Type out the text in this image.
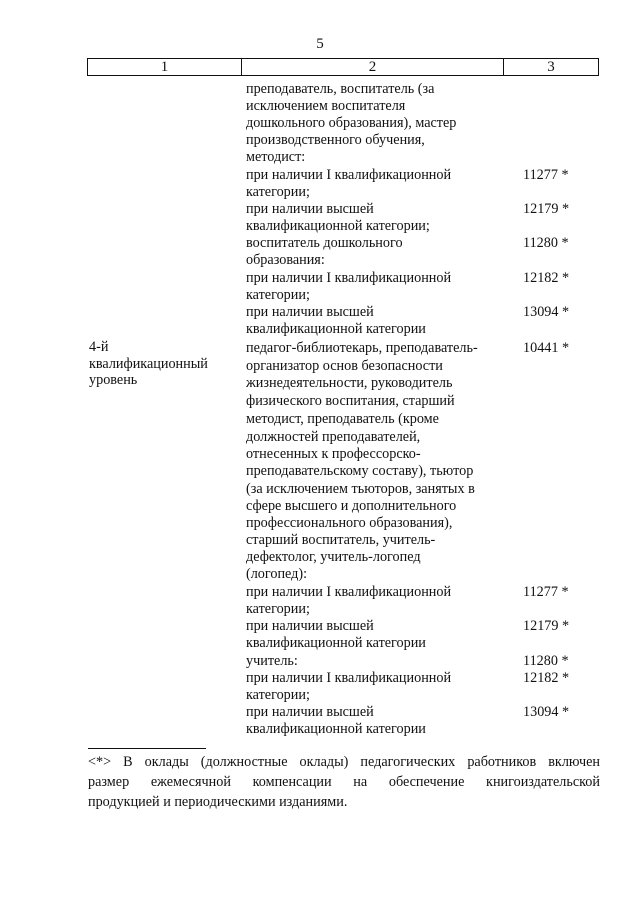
5
1	2	3
4-й
квалификационный
уровень
преподаватель, воспитатель (за
исключением воспитателя
дошкольного образования), мастер
производственного обучения,
методист:
при наличии I квалификационной
категории;
при наличии высшей
квалификационной категории;
воспитатель дошкольного
образования:
при наличии I квалификационной
категории;
при наличии высшей
квалификационной категории
педагог-библиотекарь, преподаватель-
организатор основ безопасности
жизнедеятельности, руководитель
физического воспитания, старший
методист, преподаватель (кроме
должностей преподавателей,
отнесенных к профессорско-
преподавательскому составу), тьютор
(за исключением тьюторов, занятых в
сфере высшего и дополнительного
профессионального образования),
старший воспитатель, учитель-
дефектолог, учитель-логопед
(логопед):
при наличии I квалификационной
категории;
при наличии высшей
квалификационной категории
учитель:
при наличии I квалификационной
категории;
при наличии высшей
квалификационной категории
11277 *
12179 *
11280 *
12182 *
13094 *
10441 *
11277 *
12179 *
11280 *
12182 *
13094 *
<*> В оклады (должностные оклады) педагогических работников включен
размер ежемесячной компенсации на обеспечение книгоиздательской
продукцией и периодическими изданиями.
